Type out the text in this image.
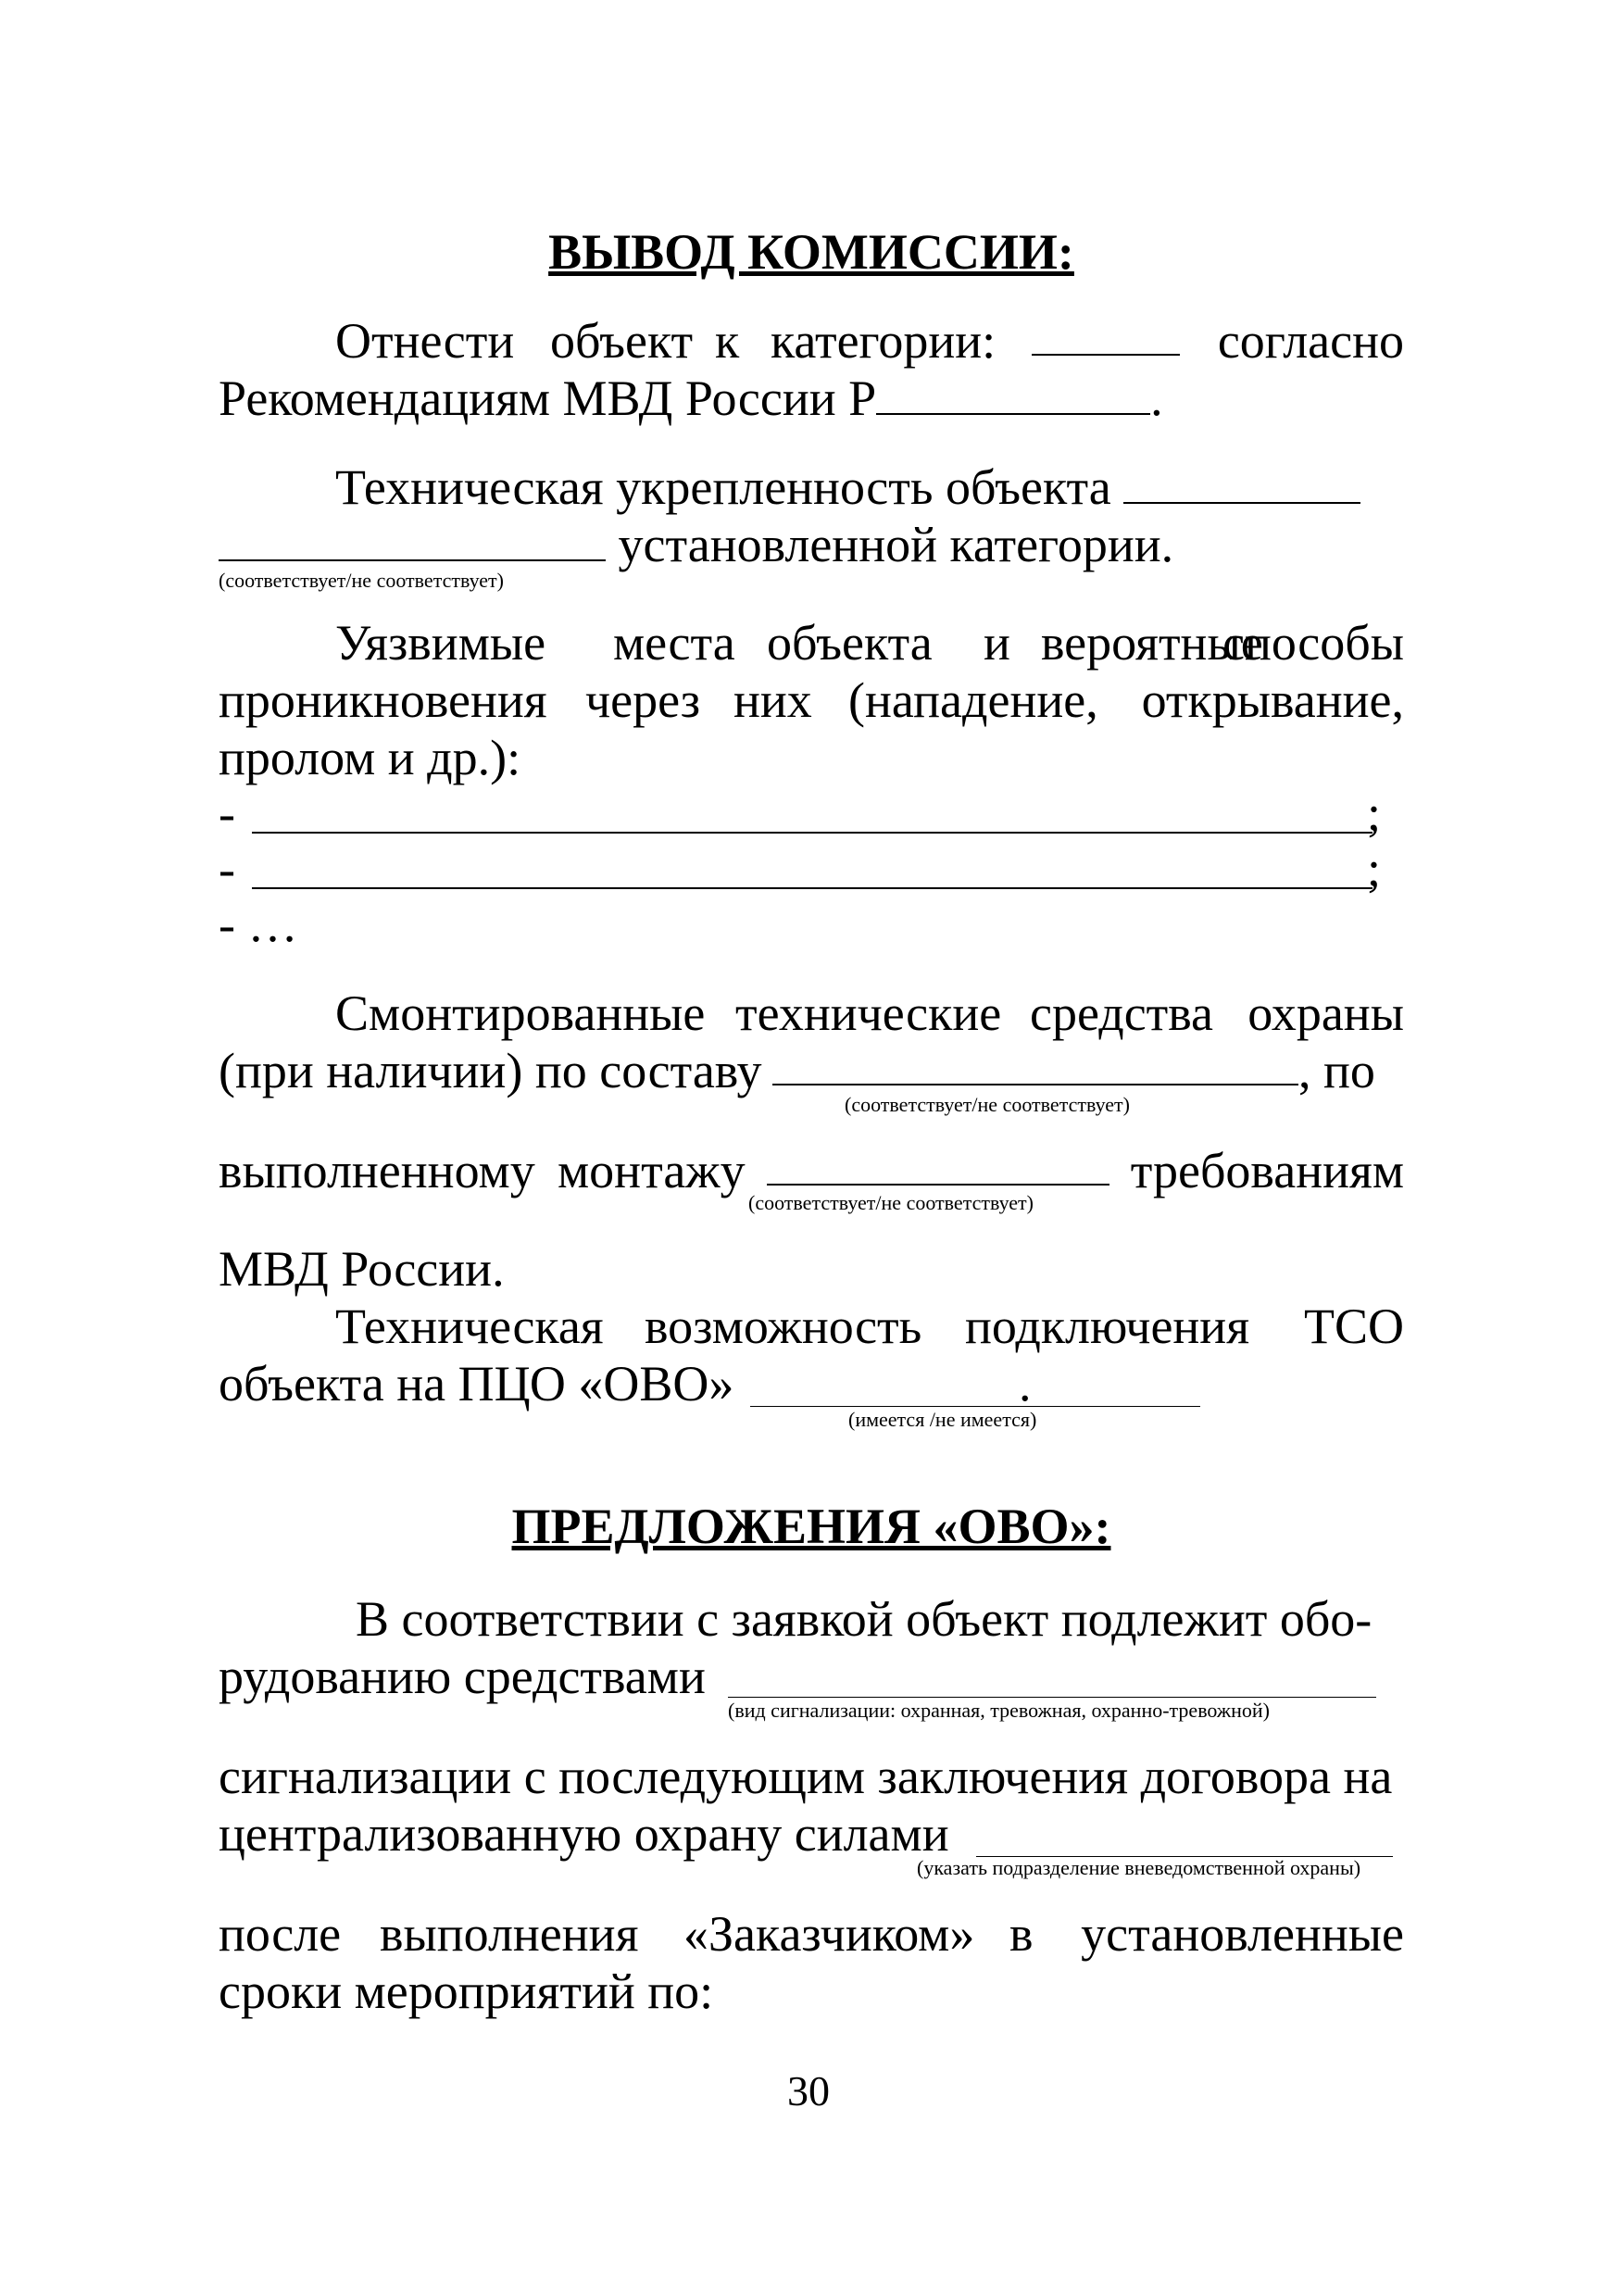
ВЫВОД КОМИССИИ:
Отнести объект к категории:	согласно
Рекомендациям МВД России Р	.
Техническая укрепленность объекта
установленной категории.
(соответствует/не соответствует)
Уязвимые места объекта и вероятные
способы
проникновения через них (нападение, открывание,
пролом и др.):
-	;
-	;
- …
Смонтированные технические средства охраны
(при наличии) по составу	, по
(соответствует/не соответствует)
выполненному монтажу	требованиям
(соответствует/не соответствует)
МВД России.
Техническая возможность подключения ТСО
объекта на ПЦО «ОВО»	.
(имеется /не имеется)
ПРЕДЛОЖЕНИЯ «ОВО»:
В соответствии с заявкой объект подлежит обо-
рудованию средствами
(вид сигнализации: охранная, тревожная, охранно-тревожной)
сигнализации с последующим заключения договора на
централизованную охрану силами
(указать подразделение вневедомственной охраны)
после выполнения «Заказчиком» в установленные
сроки мероприятий по:
30
